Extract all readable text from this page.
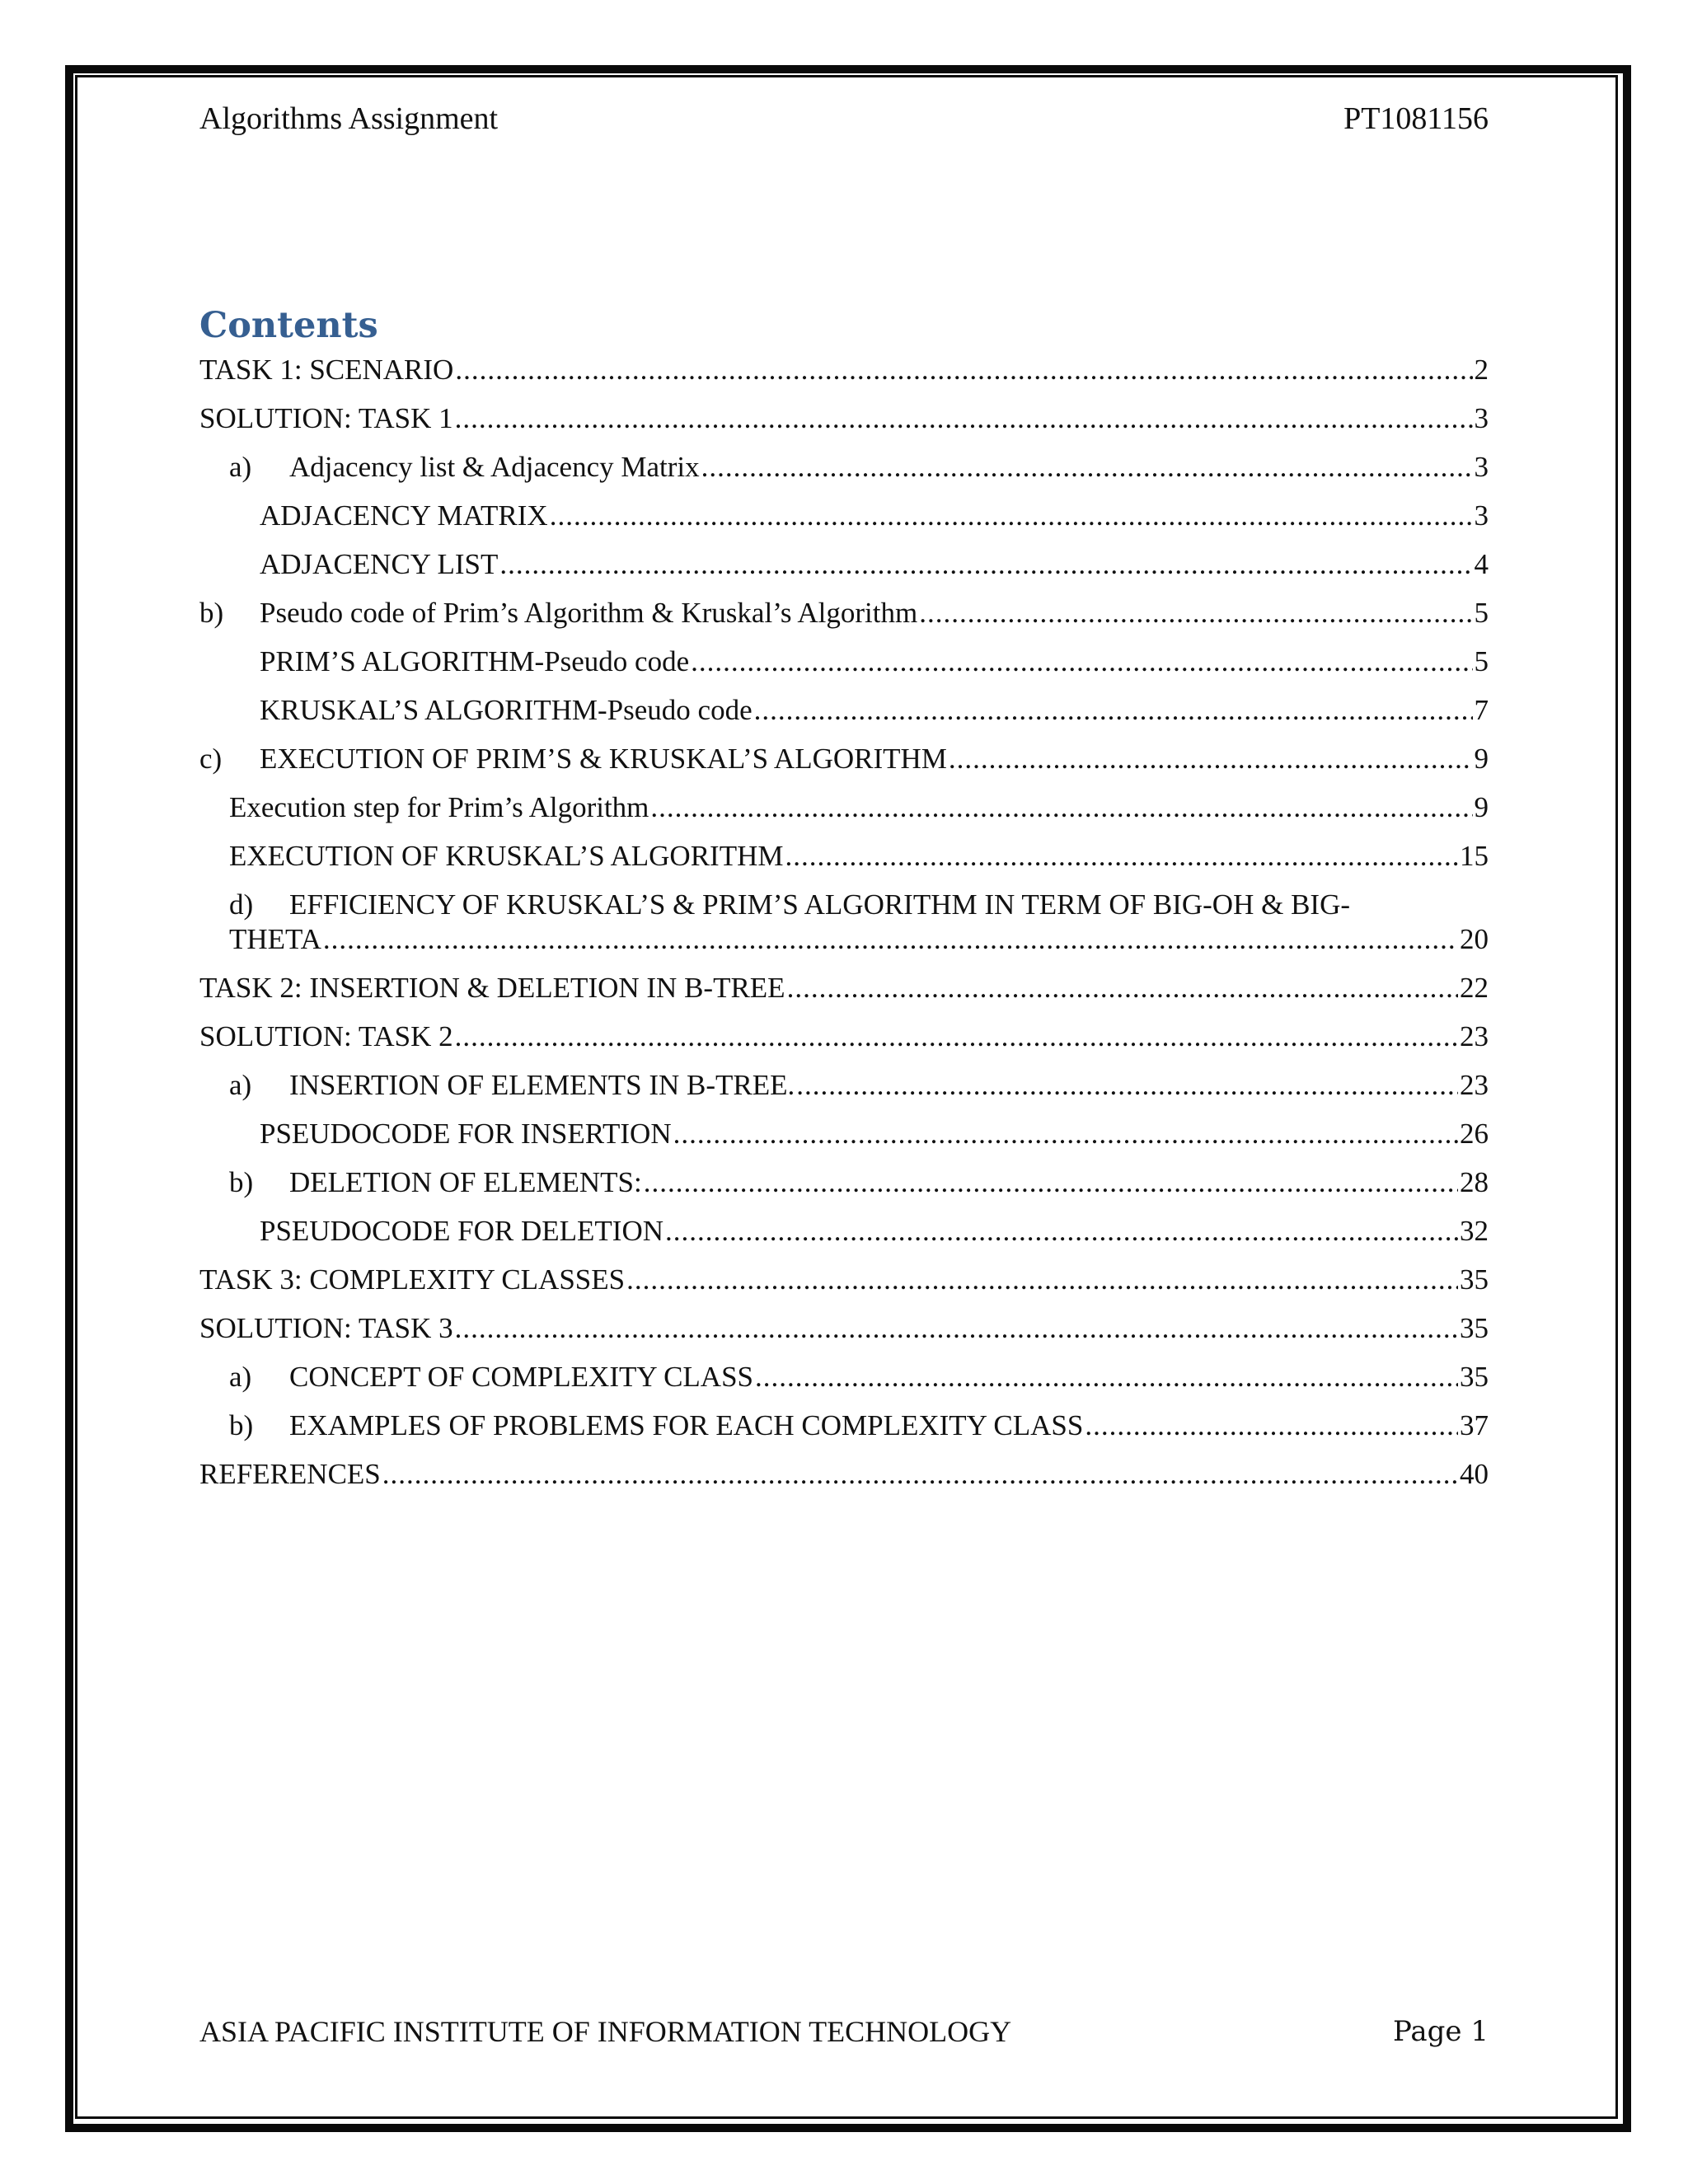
Algorithms Assignment	PT1081156
Contents
TASK 1: SCENARIO .....	2
SOLUTION: TASK 1 .....	3
a)	Adjacency list & Adjacency Matrix .....	3
ADJACENCY MATRIX .....	3
ADJACENCY LIST .....	4
b)	Pseudo code of Prim’s Algorithm & Kruskal’s Algorithm .....	5
PRIM’S ALGORITHM-Pseudo code .....	5
KRUSKAL’S ALGORITHM-Pseudo code .....	7
c)	EXECUTION OF PRIM’S & KRUSKAL’S ALGORITHM .....	9
Execution step for Prim’s Algorithm .....	9
EXECUTION OF KRUSKAL’S ALGORITHM .....	15
d) EFFICIENCY OF KRUSKAL’S & PRIM’S ALGORITHM IN TERM OF BIG-OH & BIG-
THETA .....	20
TASK 2: INSERTION & DELETION IN B-TREE .....	22
SOLUTION: TASK 2 .....	23
a)	INSERTION OF ELEMENTS IN B-TREE. .....	23
PSEUDOCODE FOR INSERTION .....	26
b)	DELETION OF ELEMENTS: .....	28
PSEUDOCODE FOR DELETION .....	32
TASK 3: COMPLEXITY CLASSES .....	35
SOLUTION: TASK 3 .....	35
a)	CONCEPT OF COMPLEXITY CLASS .....	35
b)	EXAMPLES OF PROBLEMS FOR EACH COMPLEXITY CLASS .....	37
REFERENCES .....	40
ASIA PACIFIC INSTITUTE OF INFORMATION TECHNOLOGY	Page 1
